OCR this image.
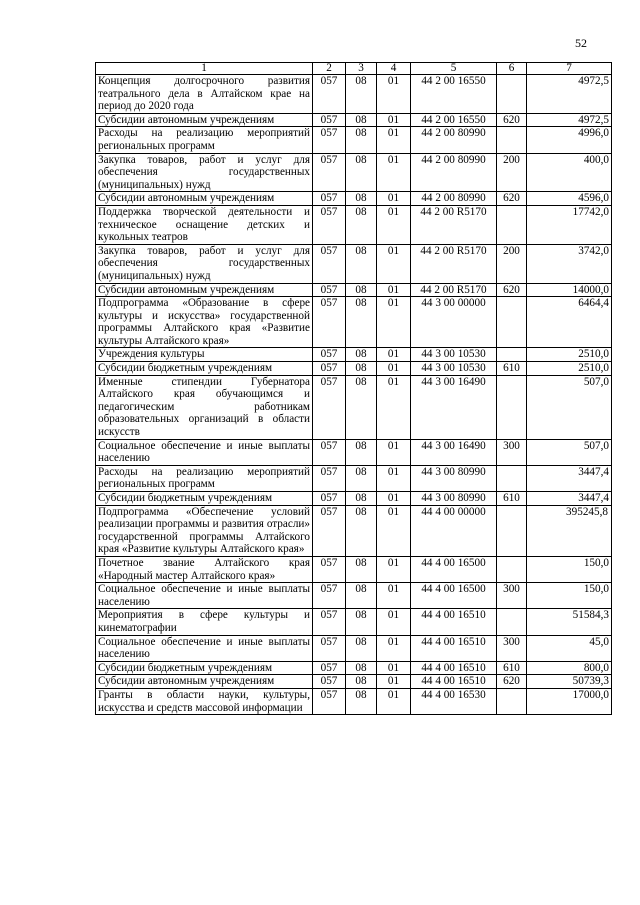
52
1	2	3	4	5	6	7
Концепция долгосрочного развития театрального дела в Алтайском крае на период до 2020 года	057	08	01	44 2 00 16550		4972,5
Субсидии автономным учреждениям	057	08	01	44 2 00 16550	620	4972,5
Расходы на реализацию мероприятий региональных программ	057	08	01	44 2 00 80990		4996,0
Закупка товаров, работ и услуг для обеспечения государственных (муниципальных) нужд	057	08	01	44 2 00 80990	200	400,0
Субсидии автономным учреждениям	057	08	01	44 2 00 80990	620	4596,0
Поддержка творческой деятельности и техническое оснащение детских и кукольных театров	057	08	01	44 2 00 R5170		17742,0
Закупка товаров, работ и услуг для обеспечения государственных (муниципальных) нужд	057	08	01	44 2 00 R5170	200	3742,0
Субсидии автономным учреждениям	057	08	01	44 2 00 R5170	620	14000,0
Подпрограмма «Образование в сфере культуры и искусства» государственной программы Алтайского края «Развитие культуры Алтайского края»	057	08	01	44 3 00 00000		6464,4
Учреждения культуры	057	08	01	44 3 00 10530		2510,0
Субсидии бюджетным учреждениям	057	08	01	44 3 00 10530	610	2510,0
Именные стипендии Губернатора Алтайского края обучающимся и педагогическим работникам образовательных организаций в области искусств	057	08	01	44 3 00 16490		507,0
Социальное обеспечение и иные выплаты населению	057	08	01	44 3 00 16490	300	507,0
Расходы на реализацию мероприятий региональных программ	057	08	01	44 3 00 80990		3447,4
Субсидии бюджетным учреждениям	057	08	01	44 3 00 80990	610	3447,4
Подпрограмма «Обеспечение условий реализации программы и развития отрасли» государственной программы Алтайского края «Развитие культуры Алтайского края»	057	08	01	44 4 00 00000		395245,8
Почетное звание Алтайского края «Народный мастер Алтайского края»	057	08	01	44 4 00 16500		150,0
Социальное обеспечение и иные выплаты населению	057	08	01	44 4 00 16500	300	150,0
Мероприятия в сфере культуры и кинематографии	057	08	01	44 4 00 16510		51584,3
Социальное обеспечение и иные выплаты населению	057	08	01	44 4 00 16510	300	45,0
Субсидии бюджетным учреждениям	057	08	01	44 4 00 16510	610	800,0
Субсидии автономным учреждениям	057	08	01	44 4 00 16510	620	50739,3
Гранты в области науки, культуры, искусства и средств массовой информации	057	08	01	44 4 00 16530		17000,0
